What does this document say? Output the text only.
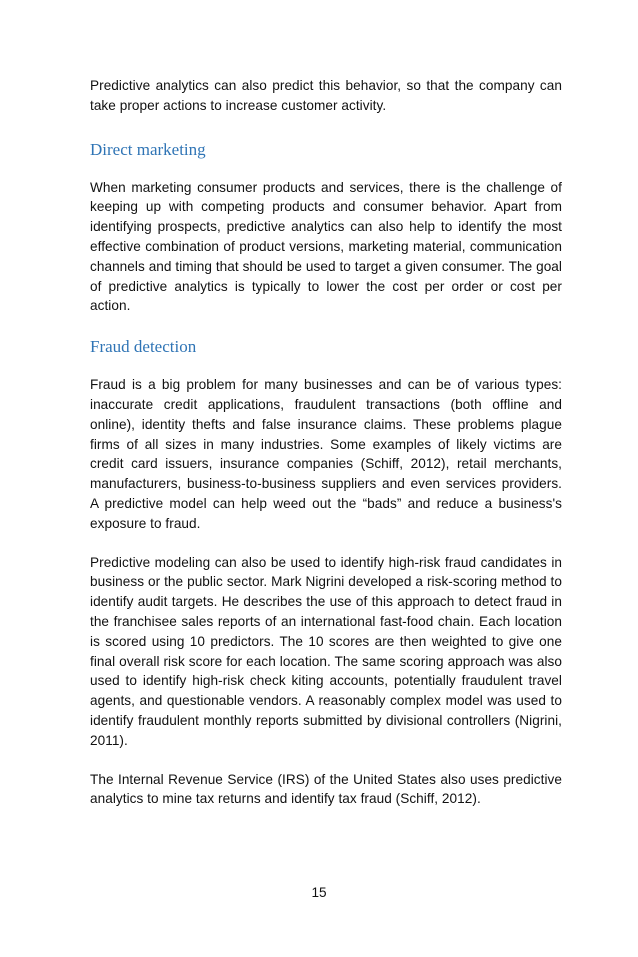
Predictive analytics can also predict this behavior, so that the company can take proper actions to increase customer activity.

Direct marketing

When marketing consumer products and services, there is the challenge of keeping up with competing products and consumer behavior. Apart from identifying prospects, predictive analytics can also help to identify the most effective combination of product versions, marketing material, communication channels and timing that should be used to target a given consumer. The goal of predictive analytics is typically to lower the cost per order or cost per action.

Fraud detection

Fraud is a big problem for many businesses and can be of various types: inaccurate credit applications, fraudulent transactions (both offline and online), identity thefts and false insurance claims. These problems plague firms of all sizes in many industries. Some examples of likely victims are credit card issuers, insurance companies (Schiff, 2012), retail merchants, manufacturers, business-to-business suppliers and even services providers. A predictive model can help weed out the “bads” and reduce a business's exposure to fraud.

Predictive modeling can also be used to identify high-risk fraud candidates in business or the public sector. Mark Nigrini developed a risk-scoring method to identify audit targets. He describes the use of this approach to detect fraud in the franchisee sales reports of an international fast-food chain. Each location is scored using 10 predictors. The 10 scores are then weighted to give one final overall risk score for each location. The same scoring approach was also used to identify high-risk check kiting accounts, potentially fraudulent travel agents, and questionable vendors. A reasonably complex model was used to identify fraudulent monthly reports submitted by divisional controllers (Nigrini, 2011).

The Internal Revenue Service (IRS) of the United States also uses predictive analytics to mine tax returns and identify tax fraud (Schiff, 2012).

15
